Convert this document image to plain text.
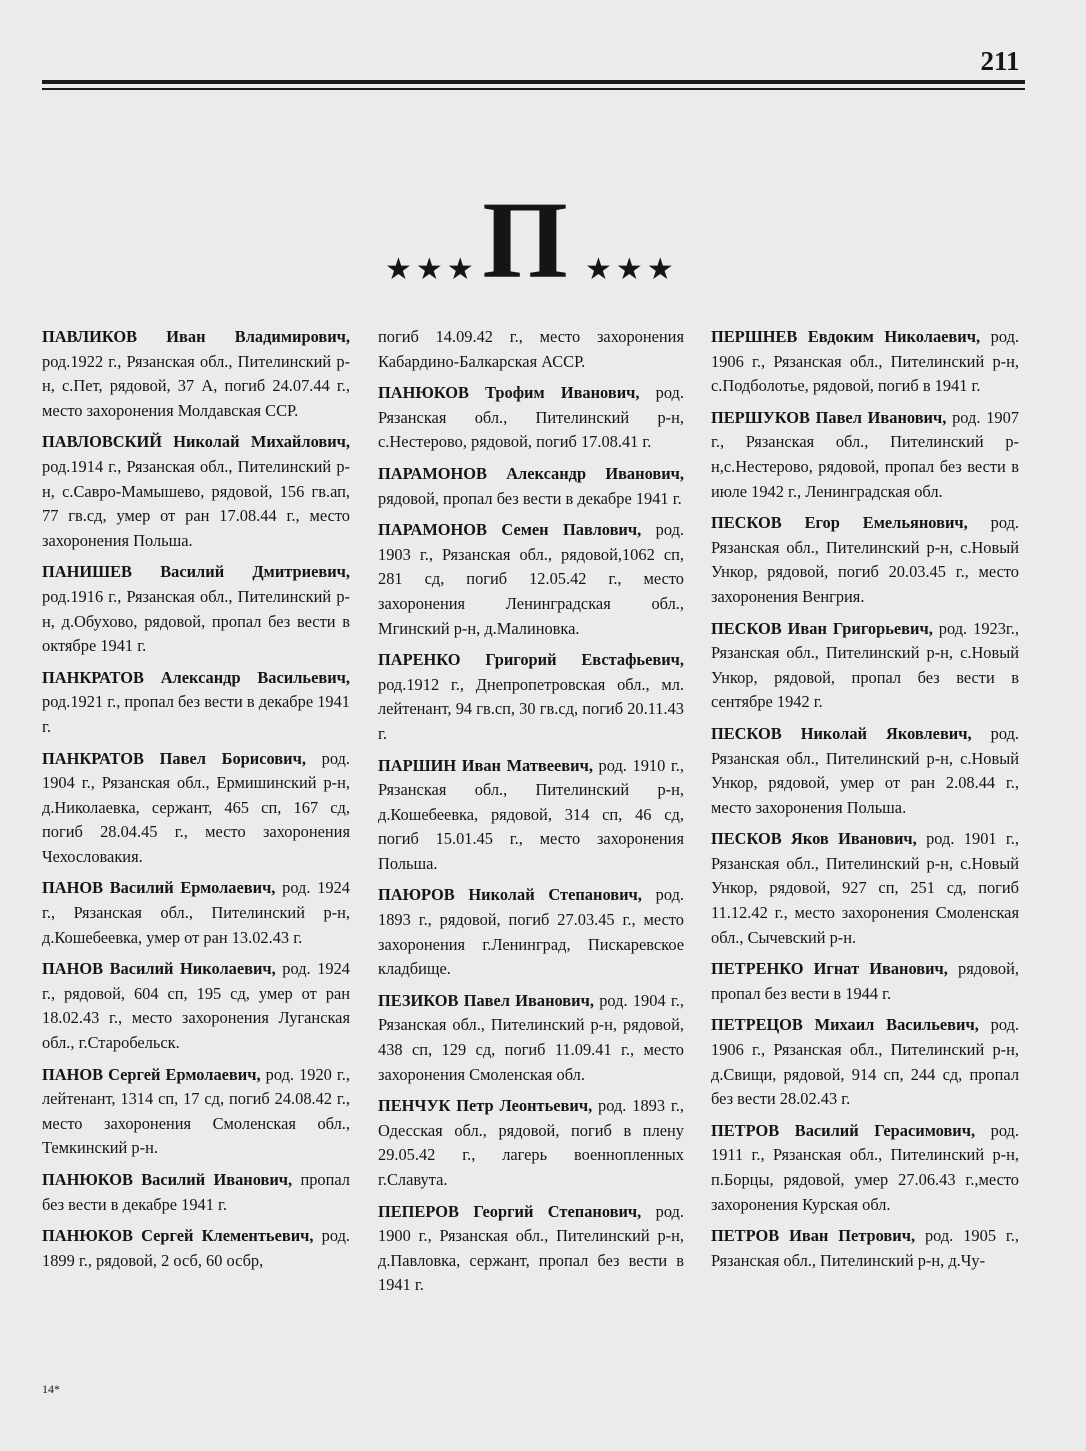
211
★★★ П ★★★

ПАВЛИКОВ Иван Владимирович, род.1922 г., Рязанская обл., Пителинский р-н, с.Пет, рядовой, 37 А, погиб 24.07.44 г., место захоронения Молдавская ССР.

ПАВЛОВСКИЙ Николай Михайлович, род.1914 г., Рязанская обл., Пителинский р-н, с.Савро-Мамышево, рядовой, 156 гв.ап, 77 гв.сд, умер от ран 17.08.44 г., место захоронения Польша.

ПАНИШЕВ Василий Дмитриевич, род.1916 г., Рязанская обл., Пителинский р-н, д.Обухово, рядовой, пропал без вести в октябре 1941 г.

ПАНКРАТОВ Александр Васильевич, род.1921 г., пропал без вести в декабре 1941 г.

ПАНКРАТОВ Павел Борисович, род. 1904 г., Рязанская обл., Ермишинский р-н, д.Николаевка, сержант, 465 сп, 167 сд, погиб 28.04.45 г., место захоронения Чехословакия.

ПАНОВ Василий Ермолаевич, род. 1924 г., Рязанская обл., Пителинский р-н, д.Кошебеевка, умер от ран 13.02.43 г.

ПАНОВ Василий Николаевич, род. 1924 г., рядовой, 604 сп, 195 сд, умер от ран 18.02.43 г., место захоронения Луганская обл., г.Старобельск.

ПАНОВ Сергей Ермолаевич, род. 1920 г., лейтенант, 1314 сп, 17 сд, погиб 24.08.42 г., место захоронения Смоленская обл., Темкинский р-н.

ПАНЮКОВ Василий Иванович, пропал без вести в декабре 1941 г.

ПАНЮКОВ Сергей Клементьевич, род. 1899 г., рядовой, 2 осб, 60 осбр,

погиб 14.09.42 г., место захоронения Кабардино-Балкарская АССР.

ПАНЮКОВ Трофим Иванович, род. Рязанская обл., Пителинский р-н, с.Нестерово, рядовой, погиб 17.08.41 г.

ПАРАМОНОВ Александр Иванович, рядовой, пропал без вести в декабре 1941 г.

ПАРАМОНОВ Семен Павлович, род. 1903 г., Рязанская обл., рядовой,1062 сп, 281 сд, погиб 12.05.42 г., место захоронения Ленинградская обл., Мгинский р-н, д.Малиновка.

ПАРЕНКО Григорий Евстафьевич, род.1912 г., Днепропетровская обл., мл. лейтенант, 94 гв.сп, 30 гв.сд, погиб 20.11.43 г.

ПАРШИН Иван Матвеевич, род. 1910 г., Рязанская обл., Пителинский р-н, д.Кошебеевка, рядовой, 314 сп, 46 сд, погиб 15.01.45 г., место захоронения Польша.

ПАЮРОВ Николай Степанович, род. 1893 г., рядовой, погиб 27.03.45 г., место захоронения г.Ленинград, Пискаревское кладбище.

ПЕЗИКОВ Павел Иванович, род. 1904 г., Рязанская обл., Пителинский р-н, рядовой, 438 сп, 129 сд, погиб 11.09.41 г., место захоронения Смоленская обл.

ПЕНЧУК Петр Леонтьевич, род. 1893 г., Одесская обл., рядовой, погиб в плену 29.05.42 г., лагерь военнопленных г.Славута.

ПЕПЕРОВ Георгий Степанович, род. 1900 г., Рязанская обл., Пителинский р-н, д.Павловка, сержант, пропал без вести в 1941 г.

ПЕРШНЕВ Евдоким Николаевич, род. 1906 г., Рязанская обл., Пителинский р-н, с.Подболотье, рядовой, погиб в 1941 г.

ПЕРШУКОВ Павел Иванович, род. 1907 г., Рязанская обл., Пителинский р-н,с.Нестерово, рядовой, пропал без вести в июле 1942 г., Ленинградская обл.

ПЕСКОВ Егор Емельянович, род. Рязанская обл., Пителинский р-н, с.Новый Ункор, рядовой, погиб 20.03.45 г., место захоронения Венгрия.

ПЕСКОВ Иван Григорьевич, род. 1923г., Рязанская обл., Пителинский р-н, с.Новый Ункор, рядовой, пропал без вести в сентябре 1942 г.

ПЕСКОВ Николай Яковлевич, род. Рязанская обл., Пителинский р-н, с.Новый Ункор, рядовой, умер от ран 2.08.44 г., место захоронения Польша.

ПЕСКОВ Яков Иванович, род. 1901 г., Рязанская обл., Пителинский р-н, с.Новый Ункор, рядовой, 927 сп, 251 сд, погиб 11.12.42 г., место захоронения Смоленская обл., Сычевский р-н.

ПЕТРЕНКО Игнат Иванович, рядовой, пропал без вести в 1944 г.

ПЕТРЕЦОВ Михаил Васильевич, род. 1906 г., Рязанская обл., Пителинский р-н, д.Свищи, рядовой, 914 сп, 244 сд, пропал без вести 28.02.43 г.

ПЕТРОВ Василий Герасимович, род. 1911 г., Рязанская обл., Пителинский р-н, п.Борцы, рядовой, умер 27.06.43 г.,место захоронения Курская обл.

ПЕТРОВ Иван Петрович, род. 1905 г., Рязанская обл., Пителинский р-н, д.Чу-

14*
